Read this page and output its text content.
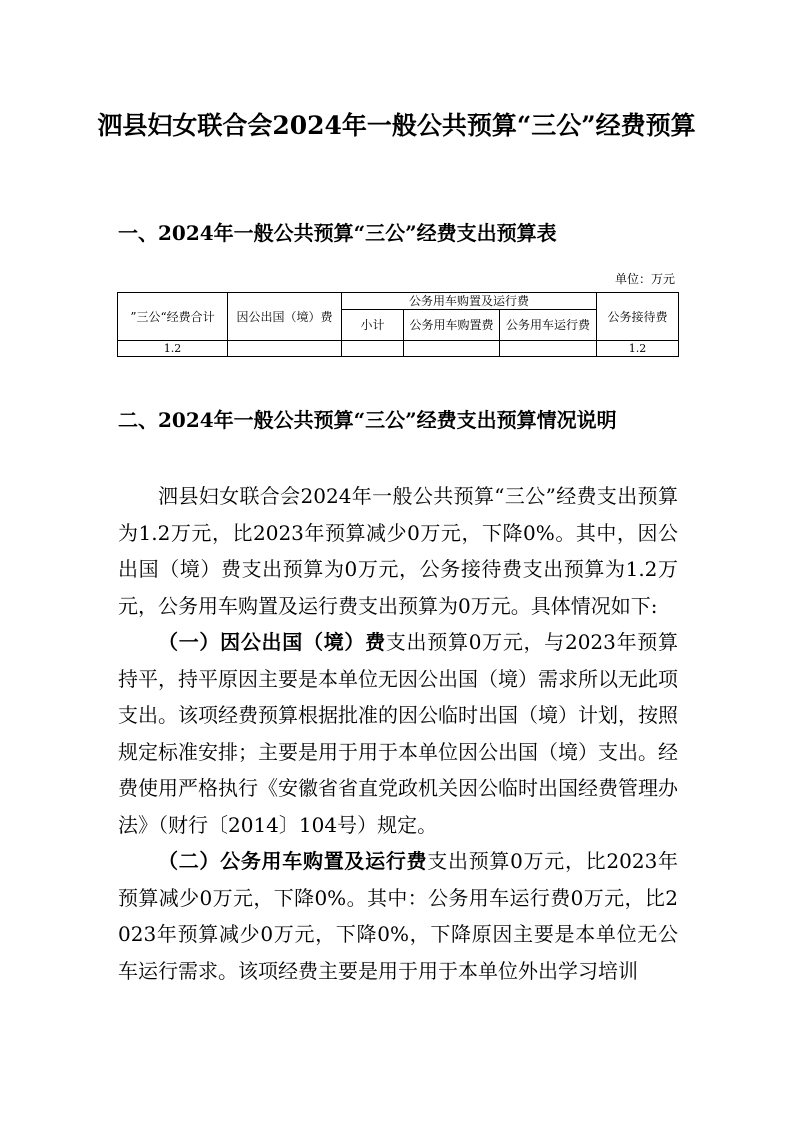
泗县妇女联合会2024年一般公共预算“三公”经费预算
一、2024年一般公共预算“三公”经费支出预算表
单位：万元
”三公“经费合计	因公出国（境）费	公务用车购置及运行费			公务接待费
		小计	公务用车购置费	公务用车运行费	
1.2					1.2
二、2024年一般公共预算“三公”经费支出预算情况说明

泗县妇女联合会2024年一般公共预算“三公”经费支出预算为1.2万元，比2023年预算减少0万元，下降0%。其中，因公出国（境）费支出预算为0万元，公务接待费支出预算为1.2万元，公务用车购置及运行费支出预算为0万元。具体情况如下:

（一）因公出国（境）费支出预算0万元，与2023年预算持平，持平原因主要是本单位无因公出国（境）需求所以无此项支出。该项经费预算根据批准的因公临时出国（境）计划，按照规定标准安排；主要是用于用于本单位因公出国（境）支出。经费使用严格执行《安徽省省直党政机关因公临时出国经费管理办法》（财行〔2014〕104号）规定。

（二）公务用车购置及运行费支出预算0万元，比2023年预算减少0万元，下降0%。其中：公务用车运行费0万元，比2023年预算减少0万元，下降0%，下降原因主要是本单位无公车运行需求。该项经费主要是用于用于本单位外出学习培训
